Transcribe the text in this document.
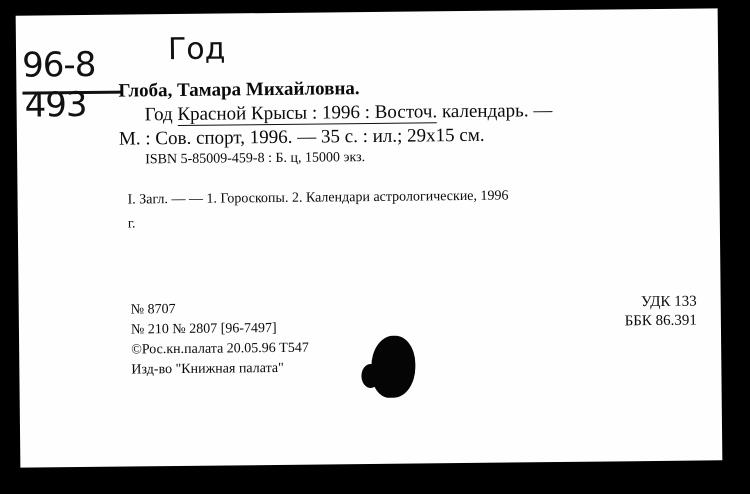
96-8
493
Год
Глоба, Тамара Михайловна.
Год Красной Крысы : 1996 : Восточ. календарь. —
М. : Сов. спорт, 1996. — 35 с. : ил.; 29x15 см.
ISBN 5-85009-459-8 : Б. ц, 15000 экз.
I. Загл. — — 1. Гороскопы. 2. Календари астрологические, 1996
г.
№ 8707
№ 210 № 2807 [96-7497]
©Рос.кн.палата 20.05.96 Т547
Изд-во "Книжная палата"
УДК 133
ББК 86.391
